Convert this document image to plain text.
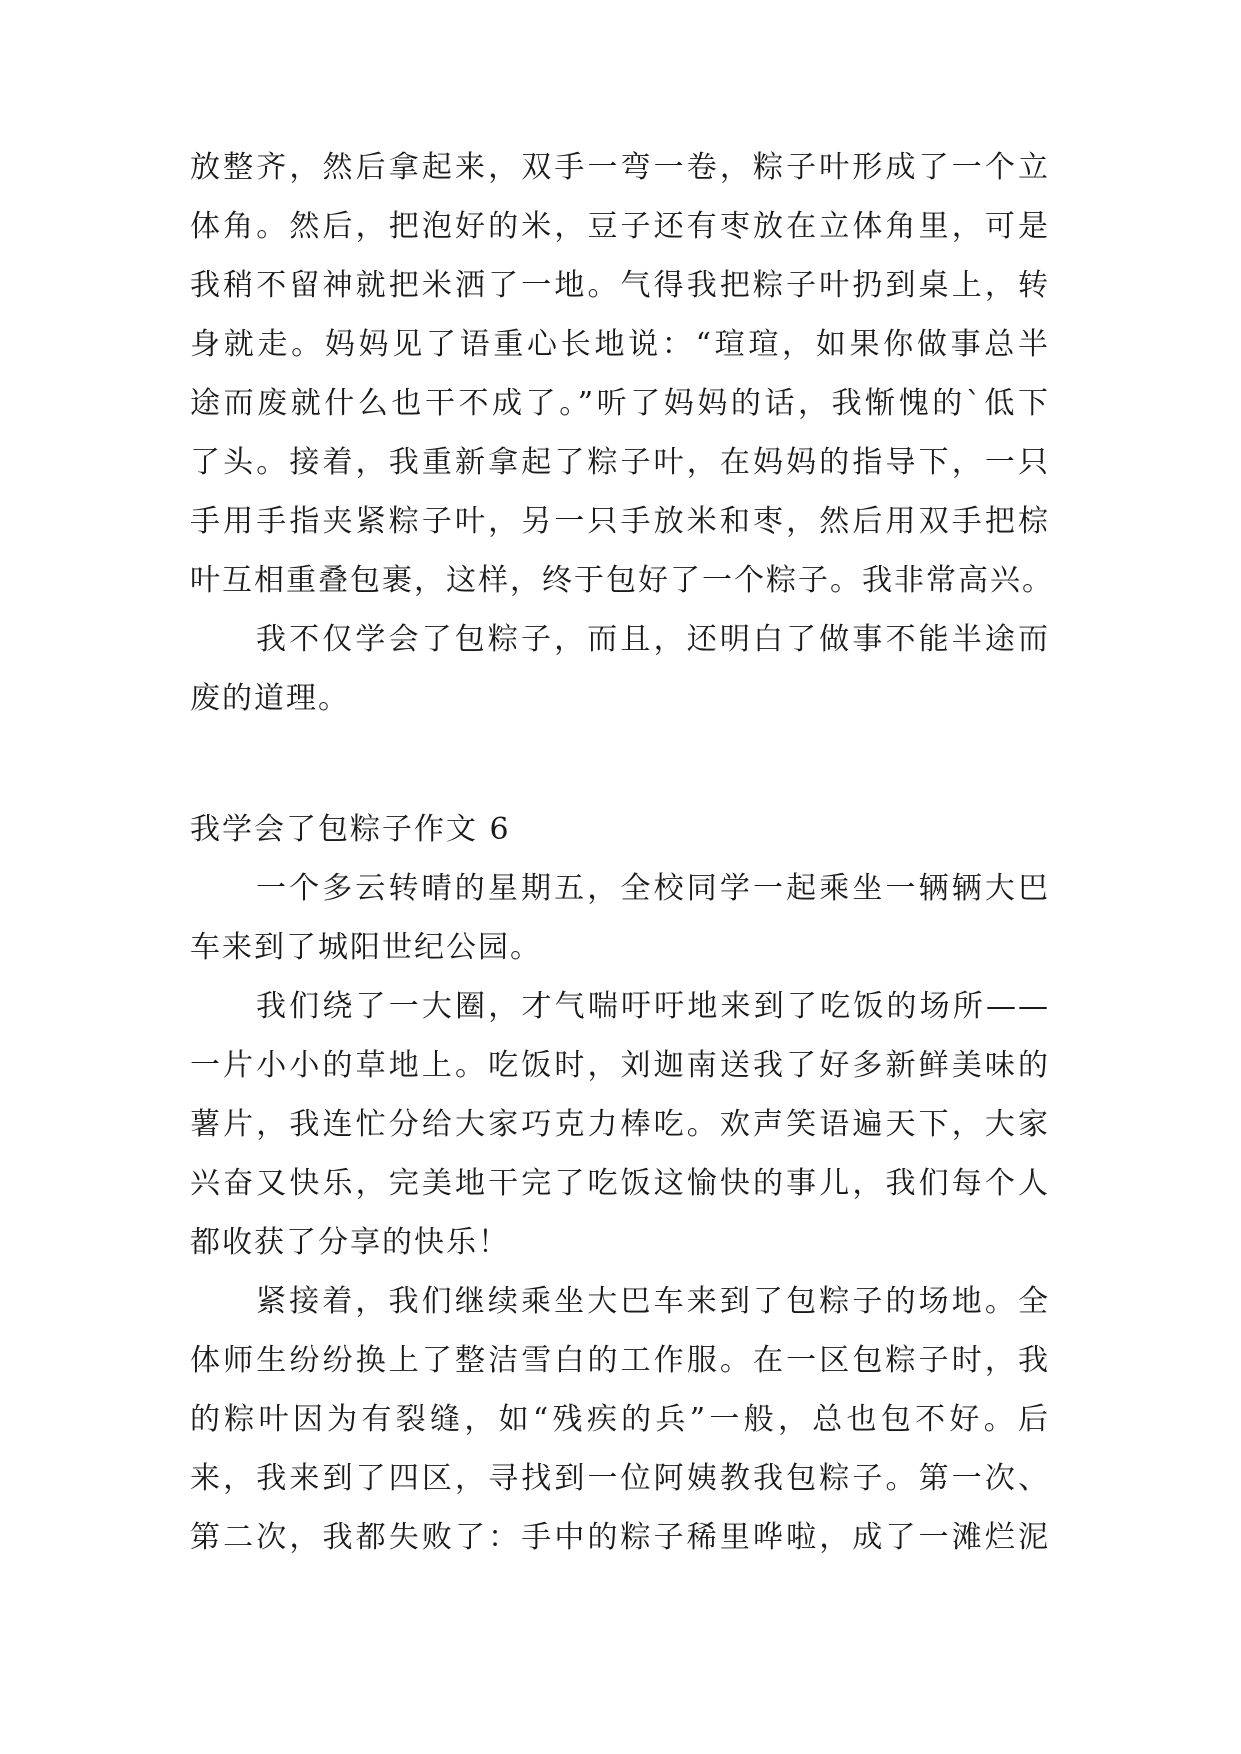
放整齐，然后拿起来，双手一弯一卷，粽子叶形成了一个立
体角。然后，把泡好的米，豆子还有枣放在立体角里，可是
我稍不留神就把米洒了一地。气得我把粽子叶扔到桌上，转
身就走。妈妈见了语重心长地说：“瑄瑄，如果你做事总半
途而废就什么也干不成了。”听了妈妈的话，我惭愧的`低下
了头。接着，我重新拿起了粽子叶，在妈妈的指导下，一只
手用手指夹紧粽子叶，另一只手放米和枣，然后用双手把棕
叶互相重叠包裹，这样，终于包好了一个粽子。我非常高兴。
我不仅学会了包粽子，而且，还明白了做事不能半途而
废的道理。
我学会了包粽子作文 6
一个多云转晴的星期五，全校同学一起乘坐一辆辆大巴
车来到了城阳世纪公园。
我们绕了一大圈，才气喘吁吁地来到了吃饭的场所——
一片小小的草地上。吃饭时，刘迦南送我了好多新鲜美味的
薯片，我连忙分给大家巧克力棒吃。欢声笑语遍天下，大家
兴奋又快乐，完美地干完了吃饭这愉快的事儿，我们每个人
都收获了分享的快乐！
紧接着，我们继续乘坐大巴车来到了包粽子的场地。全
体师生纷纷换上了整洁雪白的工作服。在一区包粽子时，我
的粽叶因为有裂缝，如“残疾的兵”一般，总也包不好。后
来，我来到了四区，寻找到一位阿姨教我包粽子。第一次、
第二次，我都失败了：手中的粽子稀里哗啦，成了一滩烂泥
